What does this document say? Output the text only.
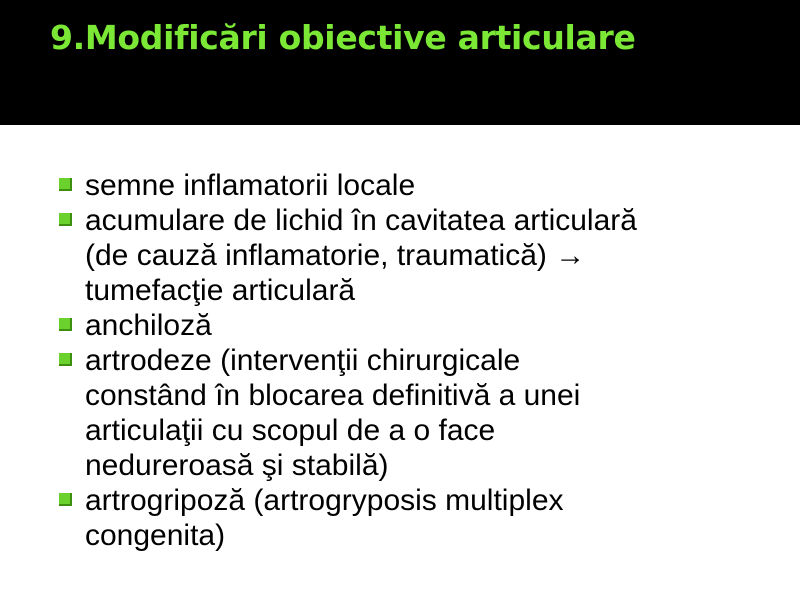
9.Modificări obiective articulare
semne inflamatorii locale
acumulare de lichid în cavitatea articulară
(de cauză inflamatorie, traumatică) →
tumefacţie articulară
anchiloză
artrodeze (intervenţii chirurgicale
constând în blocarea definitivă a unei
articulaţii cu scopul de a o face
nedureroasă şi stabilă)
artrogripoză (artrogryposis multiplex
congenita)
